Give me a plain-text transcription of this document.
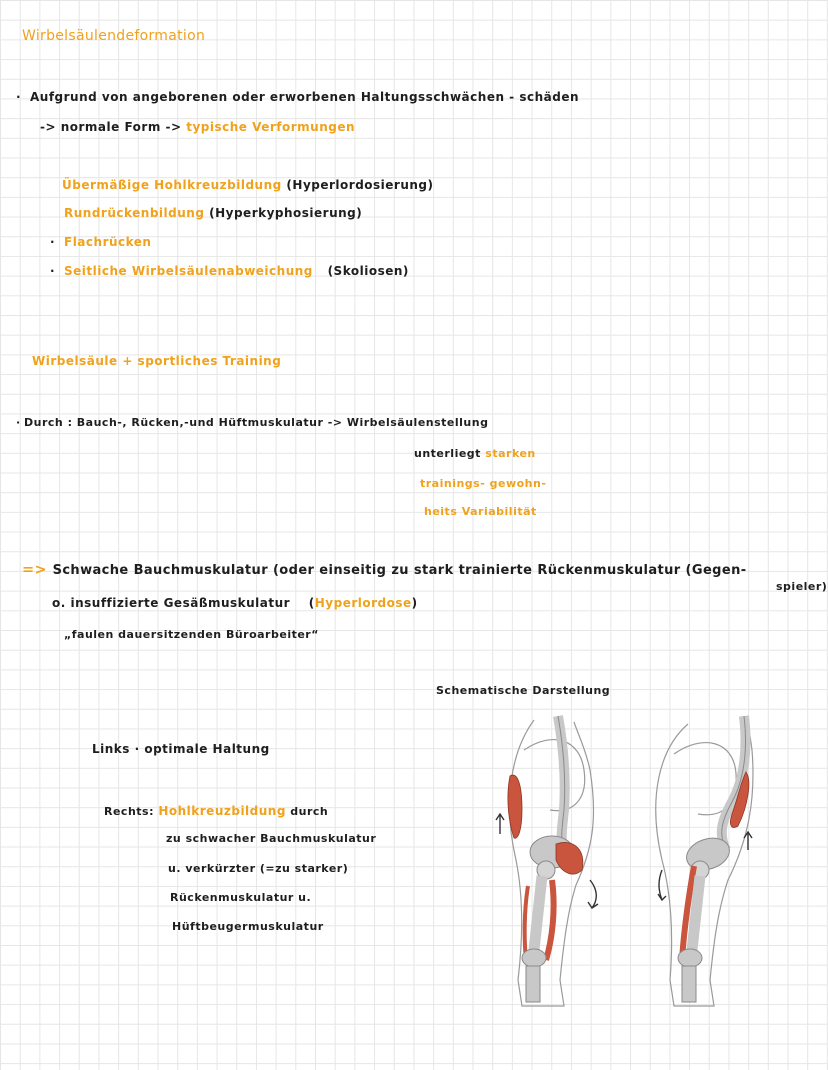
Wirbelsäulendeformation
· Aufgrund von angeborenen oder erworbenen Haltungsschwächen - schäden
-> normale Form -> typische Verformungen
Übermäßige Hohlkreuzbildung (Hyperlordosierung)
Rundrückenbildung (Hyperkyphosierung)
· Flachrücken
· Seitliche Wirbelsäulenabweichung (Skoliosen)
Wirbelsäule + sportliches Training
· Durch : Bauch-, Rücken,-und Hüftmuskulatur -> Wirbelsäulenstellung
unterliegt starken
trainings- gewohn-
heits Variabilität
=> Schwache Bauchmuskulatur (oder einseitig zu stark trainierte Rückenmuskulatur (Gegen-
spieler)
o. insuffizierte Gesäßmuskulatur (Hyperlordose)
„faulen dauersitzenden Büroarbeiter“
Schematische Darstellung
Links · optimale Haltung
Rechts: Hohlkreuzbildung durch
zu schwacher Bauchmuskulatur
u. verkürzter (=zu starker)
Rückenmuskulatur u.
Hüftbeugermuskulatur
